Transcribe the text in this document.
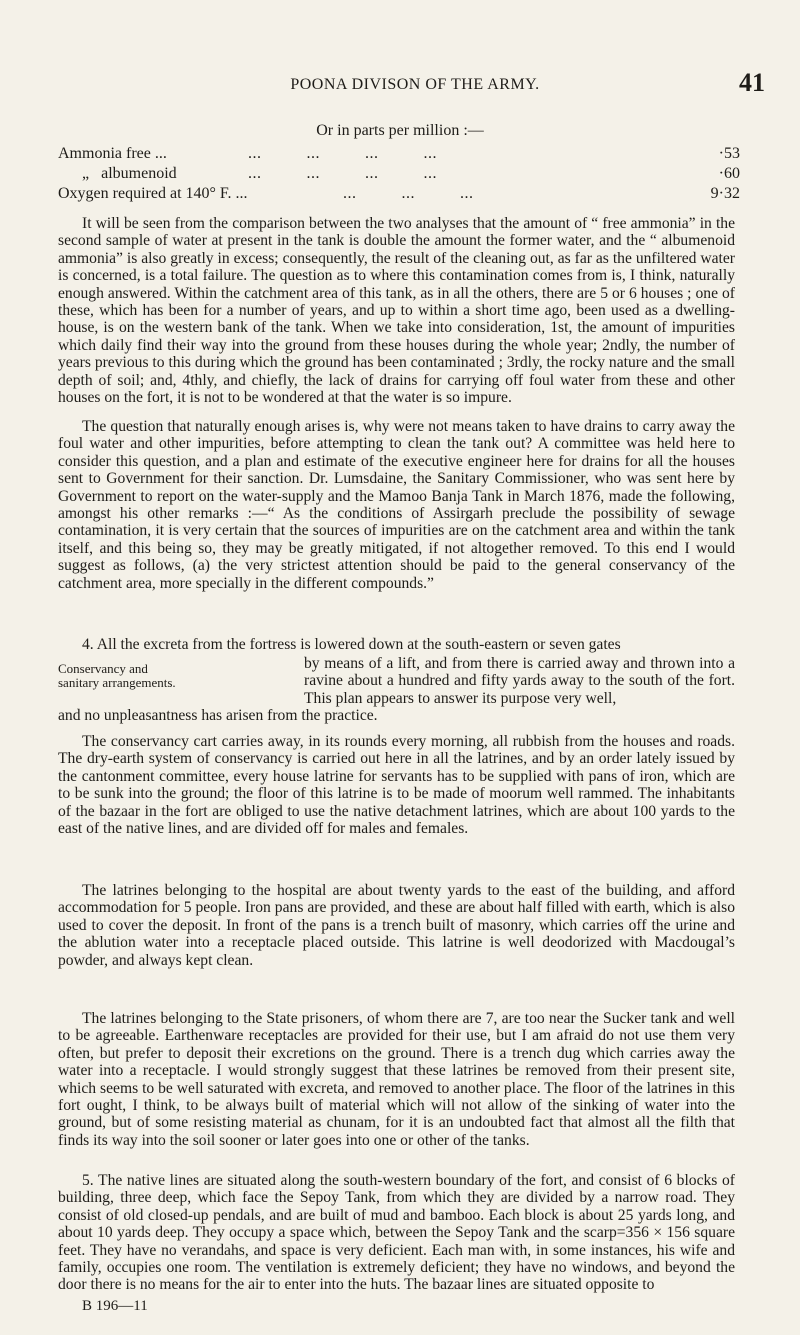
POONA DIVISON OF THE ARMY.	41
Or in parts per million :—
Ammonia free ...	...          ...          ...          ...	·53
„   albumenoid	...          ...          ...          ...	·60
Oxygen required at 140° F. ...	...          ...          ...	9·32

It will be seen from the comparison between the two analyses that the amount of “ free ammonia” in the second sample of water at present in the tank is double the amount the former water, and the “ albumenoid ammonia” is also greatly in excess; consequently, the result of the cleaning out, as far as the unfiltered water is concerned, is a total failure. The question as to where this contamination comes from is, I think, naturally enough answered. Within the catchment area of this tank, as in all the others, there are 5 or 6 houses ; one of these, which has been for a number of years, and up to within a short time ago, been used as a dwelling-house, is on the western bank of the tank. When we take into consideration, 1st, the amount of impurities which daily find their way into the ground from these houses during the whole year; 2ndly, the number of years previous to this during which the ground has been contaminated ; 3rdly, the rocky nature and the small depth of soil; and, 4thly, and chiefly, the lack of drains for carrying off foul water from these and other houses on the fort, it is not to be wondered at that the water is so impure.

The question that naturally enough arises is, why were not means taken to have drains to carry away the foul water and other impurities, before attempting to clean the tank out? A committee was held here to consider this question, and a plan and estimate of the executive engineer here for drains for all the houses sent to Government for their sanction. Dr. Lumsdaine, the Sanitary Commissioner, who was sent here by Government to report on the water-supply and the Mamoo Banja Tank in March 1876, made the following, amongst his other remarks :—“ As the conditions of Assirgarh preclude the possibility of sewage contamination, it is very certain that the sources of impurities are on the catchment area and within the tank itself, and this being so, they may be greatly mitigated, if not altogether removed. To this end I would suggest as follows, (a) the very strictest attention should be paid to the general conservancy of the catchment area, more specially in the different compounds.”

4. All the excreta from the fortress is lowered down at the south-eastern or seven gates

Conservancy and sanitary arrangements.
by means of a lift, and from there is carried away and thrown into a ravine about a hundred and fifty yards away to the south of the fort. This plan appears to answer its purpose very well,
and no unpleasantness has arisen from the practice.

The conservancy cart carries away, in its rounds every morning, all rubbish from the houses and roads. The dry-earth system of conservancy is carried out here in all the latrines, and by an order lately issued by the cantonment committee, every house latrine for servants has to be supplied with pans of iron, which are to be sunk into the ground; the floor of this latrine is to be made of moorum well rammed. The inhabitants of the bazaar in the fort are obliged to use the native detachment latrines, which are about 100 yards to the east of the native lines, and are divided off for males and females.

The latrines belonging to the hospital are about twenty yards to the east of the building, and afford accommodation for 5 people. Iron pans are provided, and these are about half filled with earth, which is also used to cover the deposit. In front of the pans is a trench built of masonry, which carries off the urine and the ablution water into a receptacle placed outside. This latrine is well deodorized with Macdougal’s powder, and always kept clean.

The latrines belonging to the State prisoners, of whom there are 7, are too near the Sucker tank and well to be agreeable. Earthenware receptacles are provided for their use, but I am afraid do not use them very often, but prefer to deposit their excretions on the ground. There is a trench dug which carries away the water into a receptacle. I would strongly suggest that these latrines be removed from their present site, which seems to be well saturated with excreta, and removed to another place. The floor of the latrines in this fort ought, I think, to be always built of material which will not allow of the sinking of water into the ground, but of some resisting material as chunam, for it is an undoubted fact that almost all the filth that finds its way into the soil sooner or later goes into one or other of the tanks.

5. The native lines are situated along the south-western boundary of the fort, and consist of 6 blocks of building, three deep, which face the Sepoy Tank, from which they are divided by a narrow road. They consist of old closed-up pendals, and are built of mud and bamboo. Each block is about 25 yards long, and about 10 yards deep. They occupy a space which, between the Sepoy Tank and the scarp=356 × 156 square feet. They have no verandahs, and space is very deficient. Each man with, in some instances, his wife and family, occupies one room. The ventilation is extremely deficient; they have no windows, and beyond the door there is no means for the air to enter into the huts. The bazaar lines are situated opposite to

B 196—11
